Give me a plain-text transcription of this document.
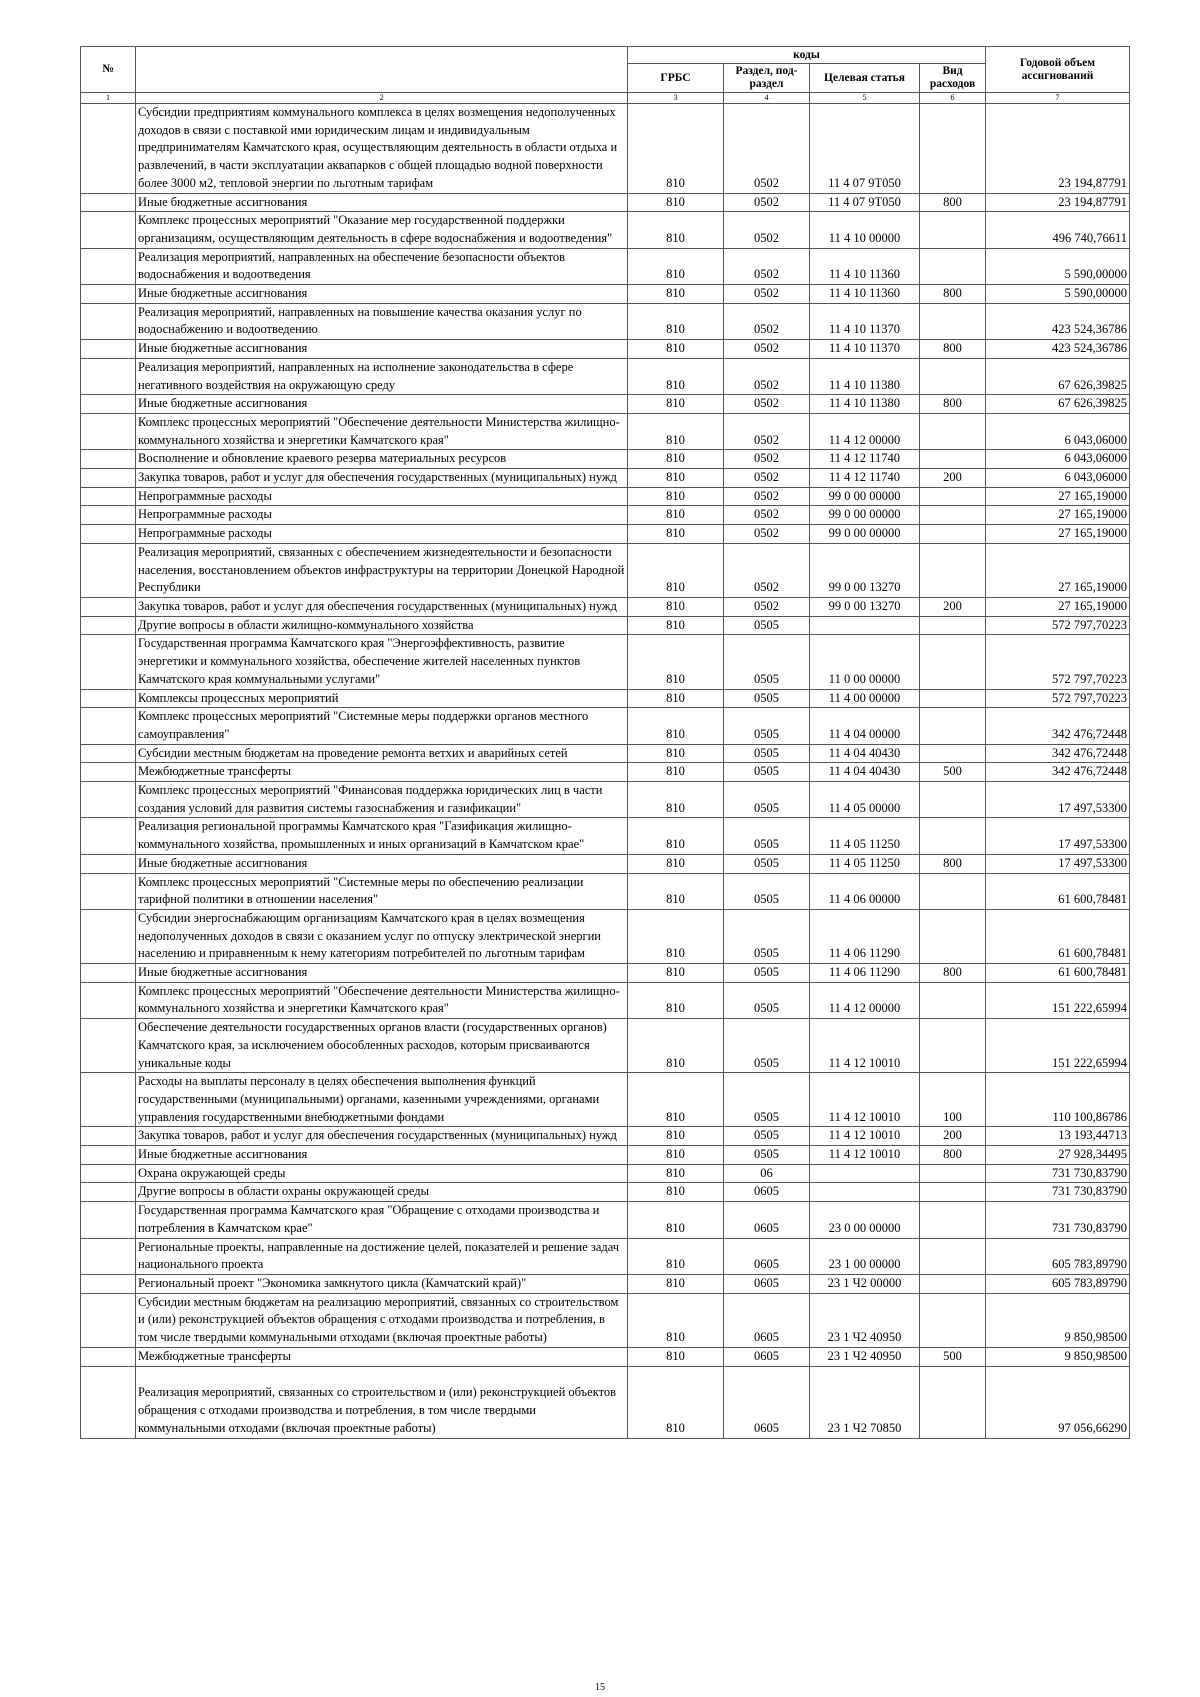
№		коды				Годовой объем ассигнований
		ГРБС	Раздел, под-раздел	Целевая статья	Вид расходов	
1	2	3	4	5	6	7
	Субсидии предприятиям коммунального комплекса в целях возмещения недополученных доходов в связи с поставкой ими юридическим лицам и индивидуальным предпринимателям Камчатского края, осуществляющим деятельность в области отдыха и развлечений, в части эксплуатации аквапарков с общей площадью водной поверхности более 3000 м2, тепловой энергии по льготным тарифам	810	0502	11 4 07 9Т050		23 194,87791
	Иные бюджетные ассигнования	810	0502	11 4 07 9Т050	800	23 194,87791
	Комплекс процессных мероприятий "Оказание мер государственной поддержки организациям, осуществляющим деятельность в сфере водоснабжения и водоотведения"	810	0502	11 4 10 00000		496 740,76611
	Реализация мероприятий, направленных на обеспечение безопасности объектов водоснабжения и водоотведения	810	0502	11 4 10 11360		5 590,00000
	Иные бюджетные ассигнования	810	0502	11 4 10 11360	800	5 590,00000
	Реализация мероприятий, направленных на повышение качества оказания услуг по водоснабжению и водоотведению	810	0502	11 4 10 11370		423 524,36786
	Иные бюджетные ассигнования	810	0502	11 4 10 11370	800	423 524,36786
	Реализация мероприятий, направленных на исполнение законодательства в сфере негативного воздействия на окружающую среду	810	0502	11 4 10 11380		67 626,39825
	Иные бюджетные ассигнования	810	0502	11 4 10 11380	800	67 626,39825
	Комплекс процессных мероприятий "Обеспечение деятельности Министерства жилищно-коммунального хозяйства и энергетики Камчатского края"	810	0502	11 4 12 00000		6 043,06000
	Восполнение и обновление краевого резерва материальных ресурсов	810	0502	11 4 12 11740		6 043,06000
	Закупка товаров, работ и услуг для обеспечения государственных (муниципальных) нужд	810	0502	11 4 12 11740	200	6 043,06000
	Непрограммные расходы	810	0502	99 0 00 00000		27 165,19000
	Непрограммные расходы	810	0502	99 0 00 00000		27 165,19000
	Непрограммные расходы	810	0502	99 0 00 00000		27 165,19000
	Реализация мероприятий, связанных с обеспечением жизнедеятельности и безопасности населения, восстановлением объектов инфраструктуры на территории Донецкой Народной Республики	810	0502	99 0 00 13270		27 165,19000
	Закупка товаров, работ и услуг для обеспечения государственных (муниципальных) нужд	810	0502	99 0 00 13270	200	27 165,19000
	Другие вопросы в области жилищно-коммунального хозяйства	810	0505			572 797,70223
	Государственная программа Камчатского края "Энергоэффективность, развитие энергетики и коммунального хозяйства, обеспечение жителей населенных пунктов Камчатского края коммунальными услугами"	810	0505	11 0 00 00000		572 797,70223
	Комплексы процессных мероприятий	810	0505	11 4 00 00000		572 797,70223
	Комплекс процессных мероприятий "Системные меры поддержки органов местного самоуправления"	810	0505	11 4 04 00000		342 476,72448
	Субсидии местным бюджетам на проведение ремонта ветхих и аварийных сетей	810	0505	11 4 04 40430		342 476,72448
	Межбюджетные трансферты	810	0505	11 4 04 40430	500	342 476,72448
	Комплекс процессных мероприятий "Финансовая поддержка юридических лиц в части создания условий для развития системы газоснабжения и газификации"	810	0505	11 4 05 00000		17 497,53300
	Реализация региональной программы Камчатского края "Газификация жилищно-коммунального хозяйства, промышленных и иных организаций в Камчатском крае"	810	0505	11 4 05 11250		17 497,53300
	Иные бюджетные ассигнования	810	0505	11 4 05 11250	800	17 497,53300
	Комплекс процессных мероприятий "Системные меры по обеспечению реализации тарифной политики в отношении населения"	810	0505	11 4 06 00000		61 600,78481
	Субсидии энергоснабжающим организациям Камчатского края в целях возмещения недополученных доходов в связи с оказанием услуг по отпуску электрической энергии населению и приравненным к нему категориям потребителей по льготным тарифам	810	0505	11 4 06 11290		61 600,78481
	Иные бюджетные ассигнования	810	0505	11 4 06 11290	800	61 600,78481
	Комплекс процессных мероприятий "Обеспечение деятельности Министерства жилищно-коммунального хозяйства и энергетики Камчатского края"	810	0505	11 4 12 00000		151 222,65994
	Обеспечение деятельности государственных органов власти (государственных органов) Камчатского края, за исключением обособленных расходов, которым присваиваются уникальные коды	810	0505	11 4 12 10010		151 222,65994
	Расходы на выплаты персоналу в целях обеспечения выполнения функций государственными (муниципальными) органами, казенными учреждениями, органами управления государственными внебюджетными фондами	810	0505	11 4 12 10010	100	110 100,86786
	Закупка товаров, работ и услуг для обеспечения государственных (муниципальных) нужд	810	0505	11 4 12 10010	200	13 193,44713
	Иные бюджетные ассигнования	810	0505	11 4 12 10010	800	27 928,34495
	Охрана окружающей среды	810	06			731 730,83790
	Другие вопросы в области охраны окружающей среды	810	0605			731 730,83790
	Государственная программа Камчатского края "Обращение с отходами производства и потребления в Камчатском крае"	810	0605	23 0 00 00000		731 730,83790
	Региональные проекты, направленные на достижение целей, показателей и решение задач национального проекта	810	0605	23 1 00 00000		605 783,89790
	Региональный проект "Экономика замкнутого цикла (Камчатский край)"	810	0605	23 1 Ч2 00000		605 783,89790
	Субсидии местным бюджетам на реализацию мероприятий, связанных со строительством и (или) реконструкцией объектов обращения с отходами производства и потребления, в том числе твердыми коммунальными отходами (включая проектные работы)	810	0605	23 1 Ч2 40950		9 850,98500
	Межбюджетные трансферты	810	0605	23 1 Ч2 40950	500	9 850,98500
	Реализация мероприятий, связанных со строительством и (или) реконструкцией объектов обращения с отходами производства и потребления, в том числе твердыми коммунальными отходами (включая проектные работы)	810	0605	23 1 Ч2 70850		97 056,66290
15
